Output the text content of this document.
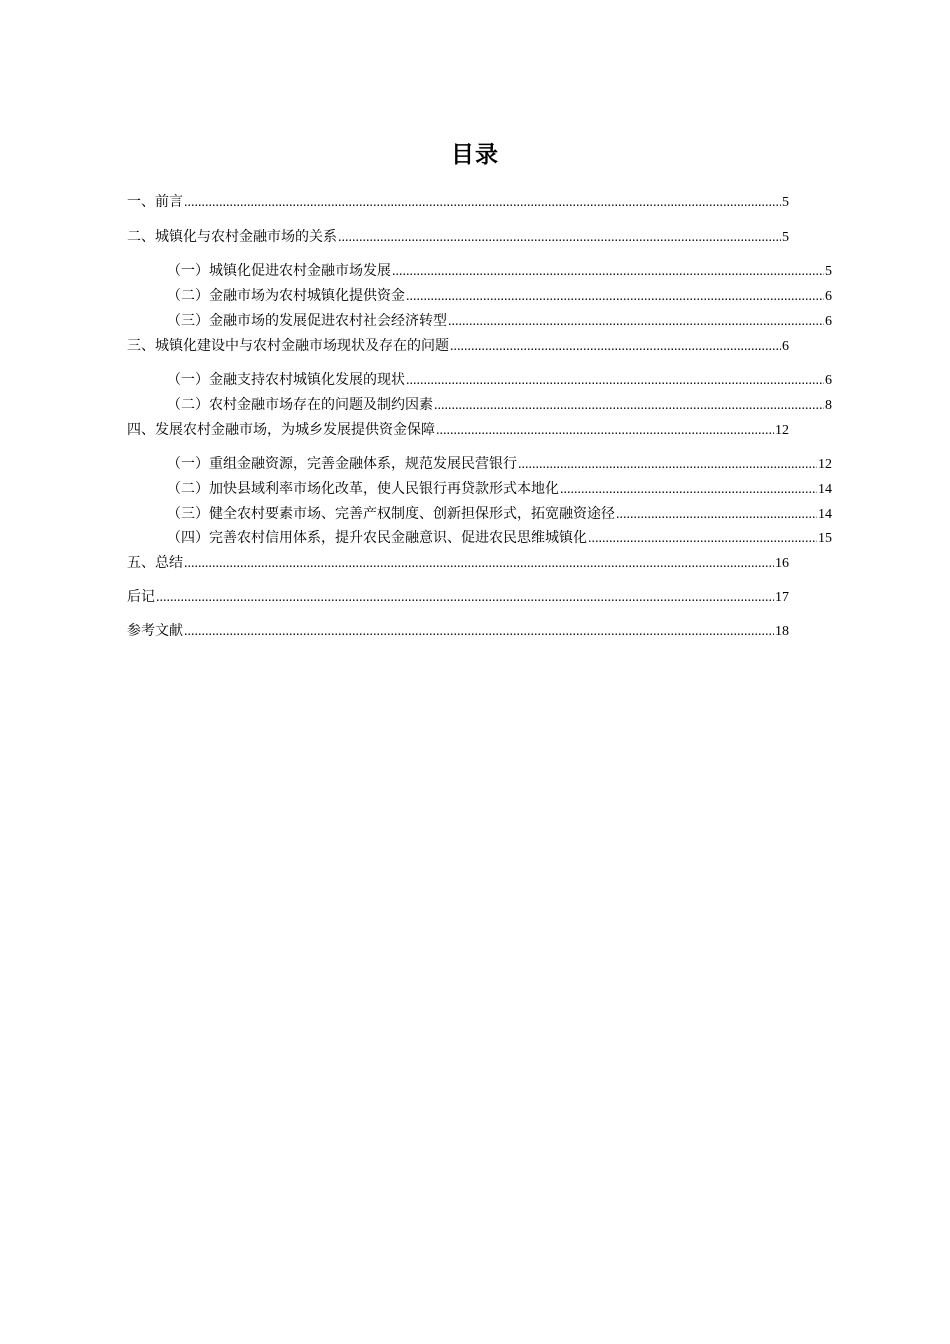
目录
一、前言 .....	5
二、城镇化与农村金融市场的关系 .....	5
（一）城镇化促进农村金融市场发展 .....	5
（二）金融市场为农村城镇化提供资金 .....	6
（三）金融市场的发展促进农村社会经济转型 .....	6
三、城镇化建设中与农村金融市场现状及存在的问题 .....	6
（一）金融支持农村城镇化发展的现状 .....	6
（二）农村金融市场存在的问题及制约因素 .....	8
四、发展农村金融市场，为城乡发展提供资金保障 .....	12
（一）重组金融资源，完善金融体系，规范发展民营银行 .....	12
（二）加快县域利率市场化改革，使人民银行再贷款形式本地化 .....	14
（三）健全农村要素市场、完善产权制度、创新担保形式，拓宽融资途径 .....	14
（四）完善农村信用体系，提升农民金融意识、促进农民思维城镇化 .....	15
五、总结 .....	16
后记 .....	17
参考文献 .....	18
